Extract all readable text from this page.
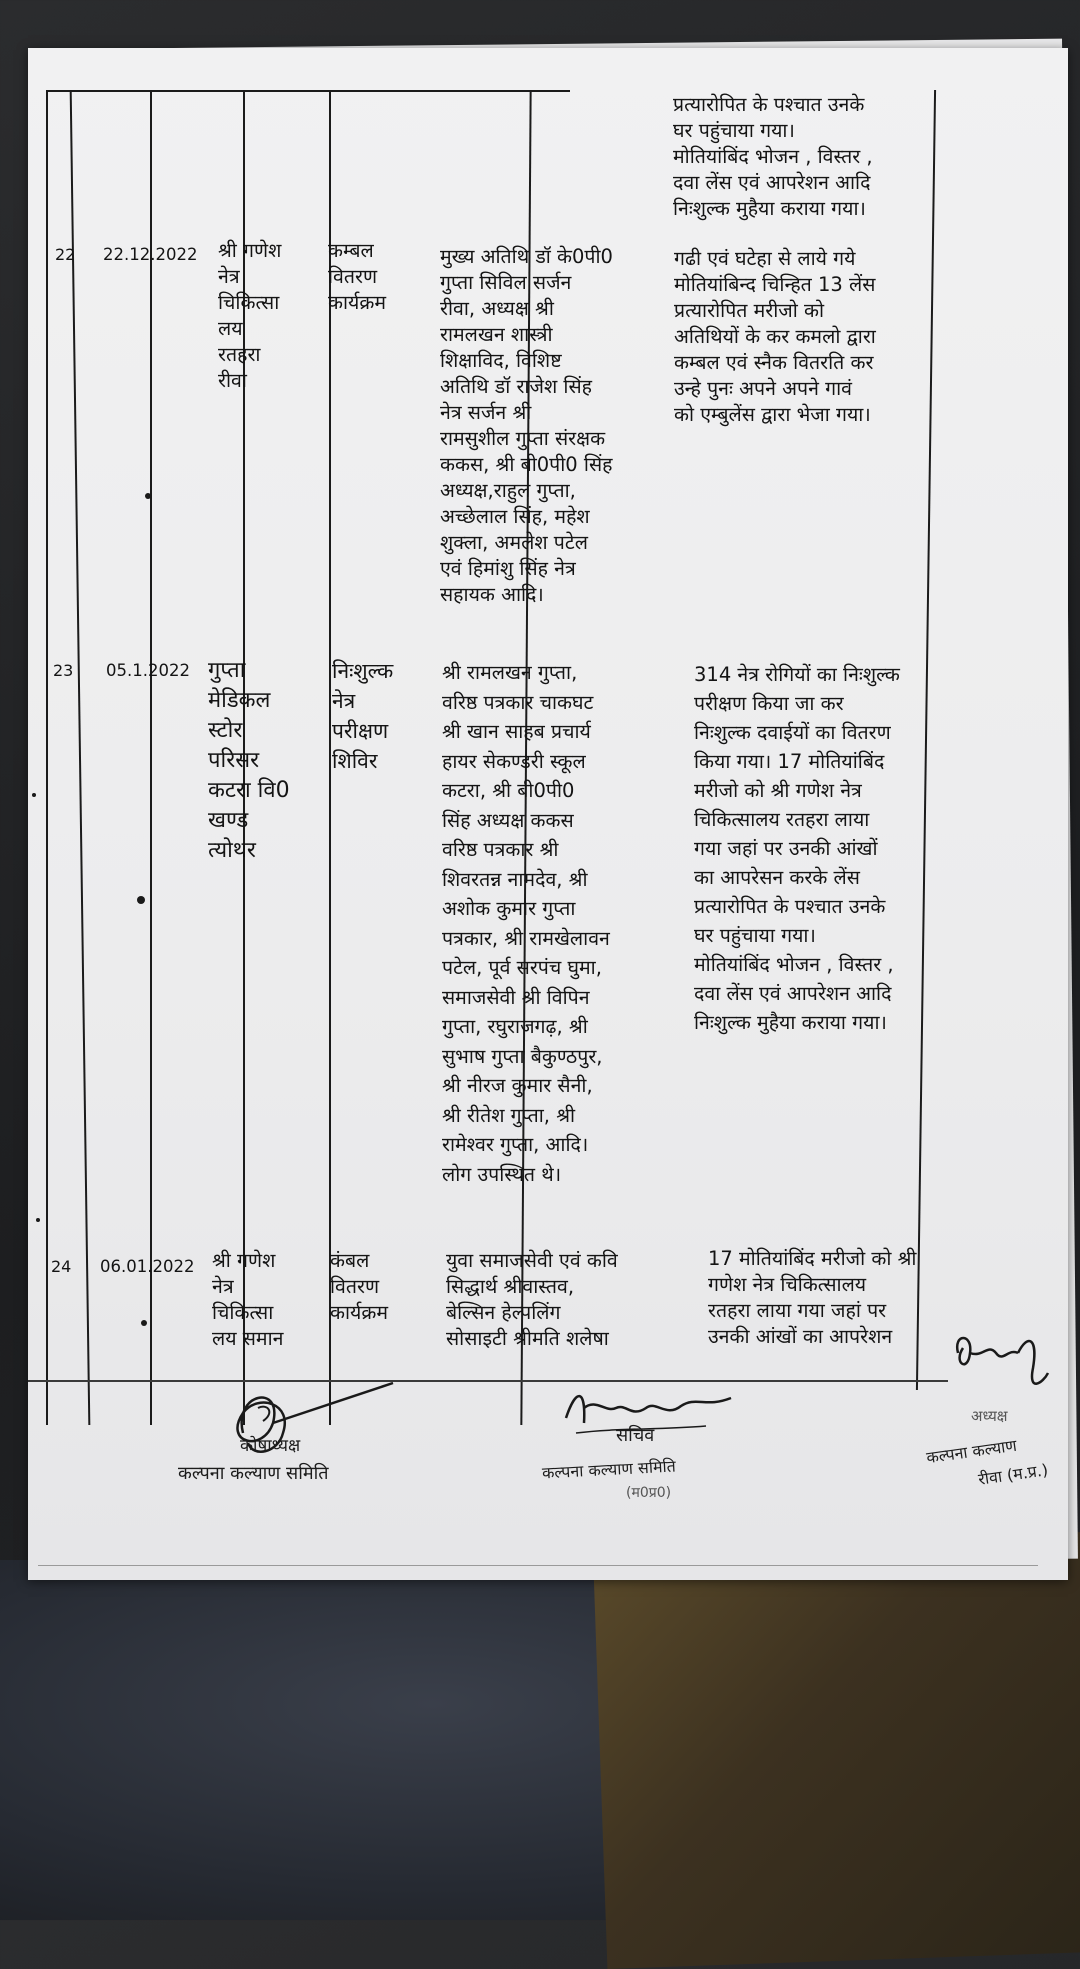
प्रत्यारोपित के पश्चात उनके
घर पहुंचाया गया।
मोतियांबिंद भोजन , विस्तर ,
दवा लेंस एवं आपरेशन आदि
निःशुल्क मुहैया कराया गया।
22 22.12.2022 श्री गणेश
नेत्र
चिकित्सा
लय
रतहरा
रीवा
कम्बल
वितरण
कार्यक्रम
मुख्य अतिथि डॉ के0पी0
गुप्ता सिविल सर्जन
रीवा, अध्यक्ष श्री
रामलखन शास्त्री
शिक्षाविद, विशिष्ट
अतिथि डॉ राजेश सिंह
नेत्र सर्जन श्री
रामसुशील गुप्ता संरक्षक
ककस, श्री बी0पी0 सिंह
अध्यक्ष,राहुल गुप्ता,
अच्छेलाल सिंह, महेश
शुक्ला, अमलेश पटेल
एवं हिमांशु सिंह नेत्र
सहायक आदि।
गढी एवं घटेहा से लाये गये
मोतियांबिन्द चिन्हित 13 लेंस
प्रत्यारोपित मरीजो को
अतिथियों के कर कमलो द्वारा
कम्बल एवं स्नैक वितरति कर
उन्हे पुनः अपने अपने गावं
को एम्बुलेंस द्वारा भेजा गया।
23 05.1.2022 गुप्ता
मेडिकल
स्टोर
परिसर
कटरा वि0
खण्ड
त्योथर
निःशुल्क
नेत्र
परीक्षण
शिविर
श्री रामलखन गुप्ता,
वरिष्ठ पत्रकार चाकघट
श्री खान साहब प्रचार्य
हायर सेकण्डरी स्कूल
कटरा, श्री बी0पी0
सिंह अध्यक्ष ककस
वरिष्ठ पत्रकार श्री
शिवरतन्न नामदेव, श्री
अशोक कुमार गुप्ता
पत्रकार, श्री रामखेलावन
पटेल, पूर्व सरपंच घुमा,
समाजसेवी श्री विपिन
गुप्ता, रघुराजगढ़, श्री
सुभाष गुप्ता बैकुण्ठपुर,
श्री नीरज कुमार सैनी,
श्री रीतेश गुप्ता, श्री
रामेश्वर गुप्ता, आदि।
लोग उपस्थित थे।
314 नेत्र रोगियों का निःशुल्क
परीक्षण किया जा कर
निःशुल्क दवाईयों का वितरण
किया गया। 17 मोतियांबिंद
मरीजो को श्री गणेश नेत्र
चिकित्सालय रतहरा लाया
गया जहां पर उनकी आंखों
का आपरेसन करके लेंस
प्रत्यारोपित के पश्चात उनके
घर पहुंचाया गया।
मोतियांबिंद भोजन , विस्तर ,
दवा लेंस एवं आपरेशन आदि
निःशुल्क मुहैया कराया गया।
24 06.01.2022 श्री गणेश
नेत्र
चिकित्सा
लय समान
कंबल
वितरण
कार्यक्रम
युवा समाजसेवी एवं कवि
सिद्धार्थ श्रीवास्तव,
बेल्सिन हेल्पलिंग
सोसाइटी श्रीमति शलेषा
17 मोतियांबिंद मरीजो को श्री
गणेश नेत्र चिकित्सालय
रतहरा लाया गया जहां पर
उनकी आंखों का आपरेशन
कोषाध्यक्ष
कल्पना कल्याण समिति
सचिव
कल्पना कल्याण समिति
(म0प्र0)
अध्यक्ष
कल्पना कल्याण
रीवा (म.प्र.)
